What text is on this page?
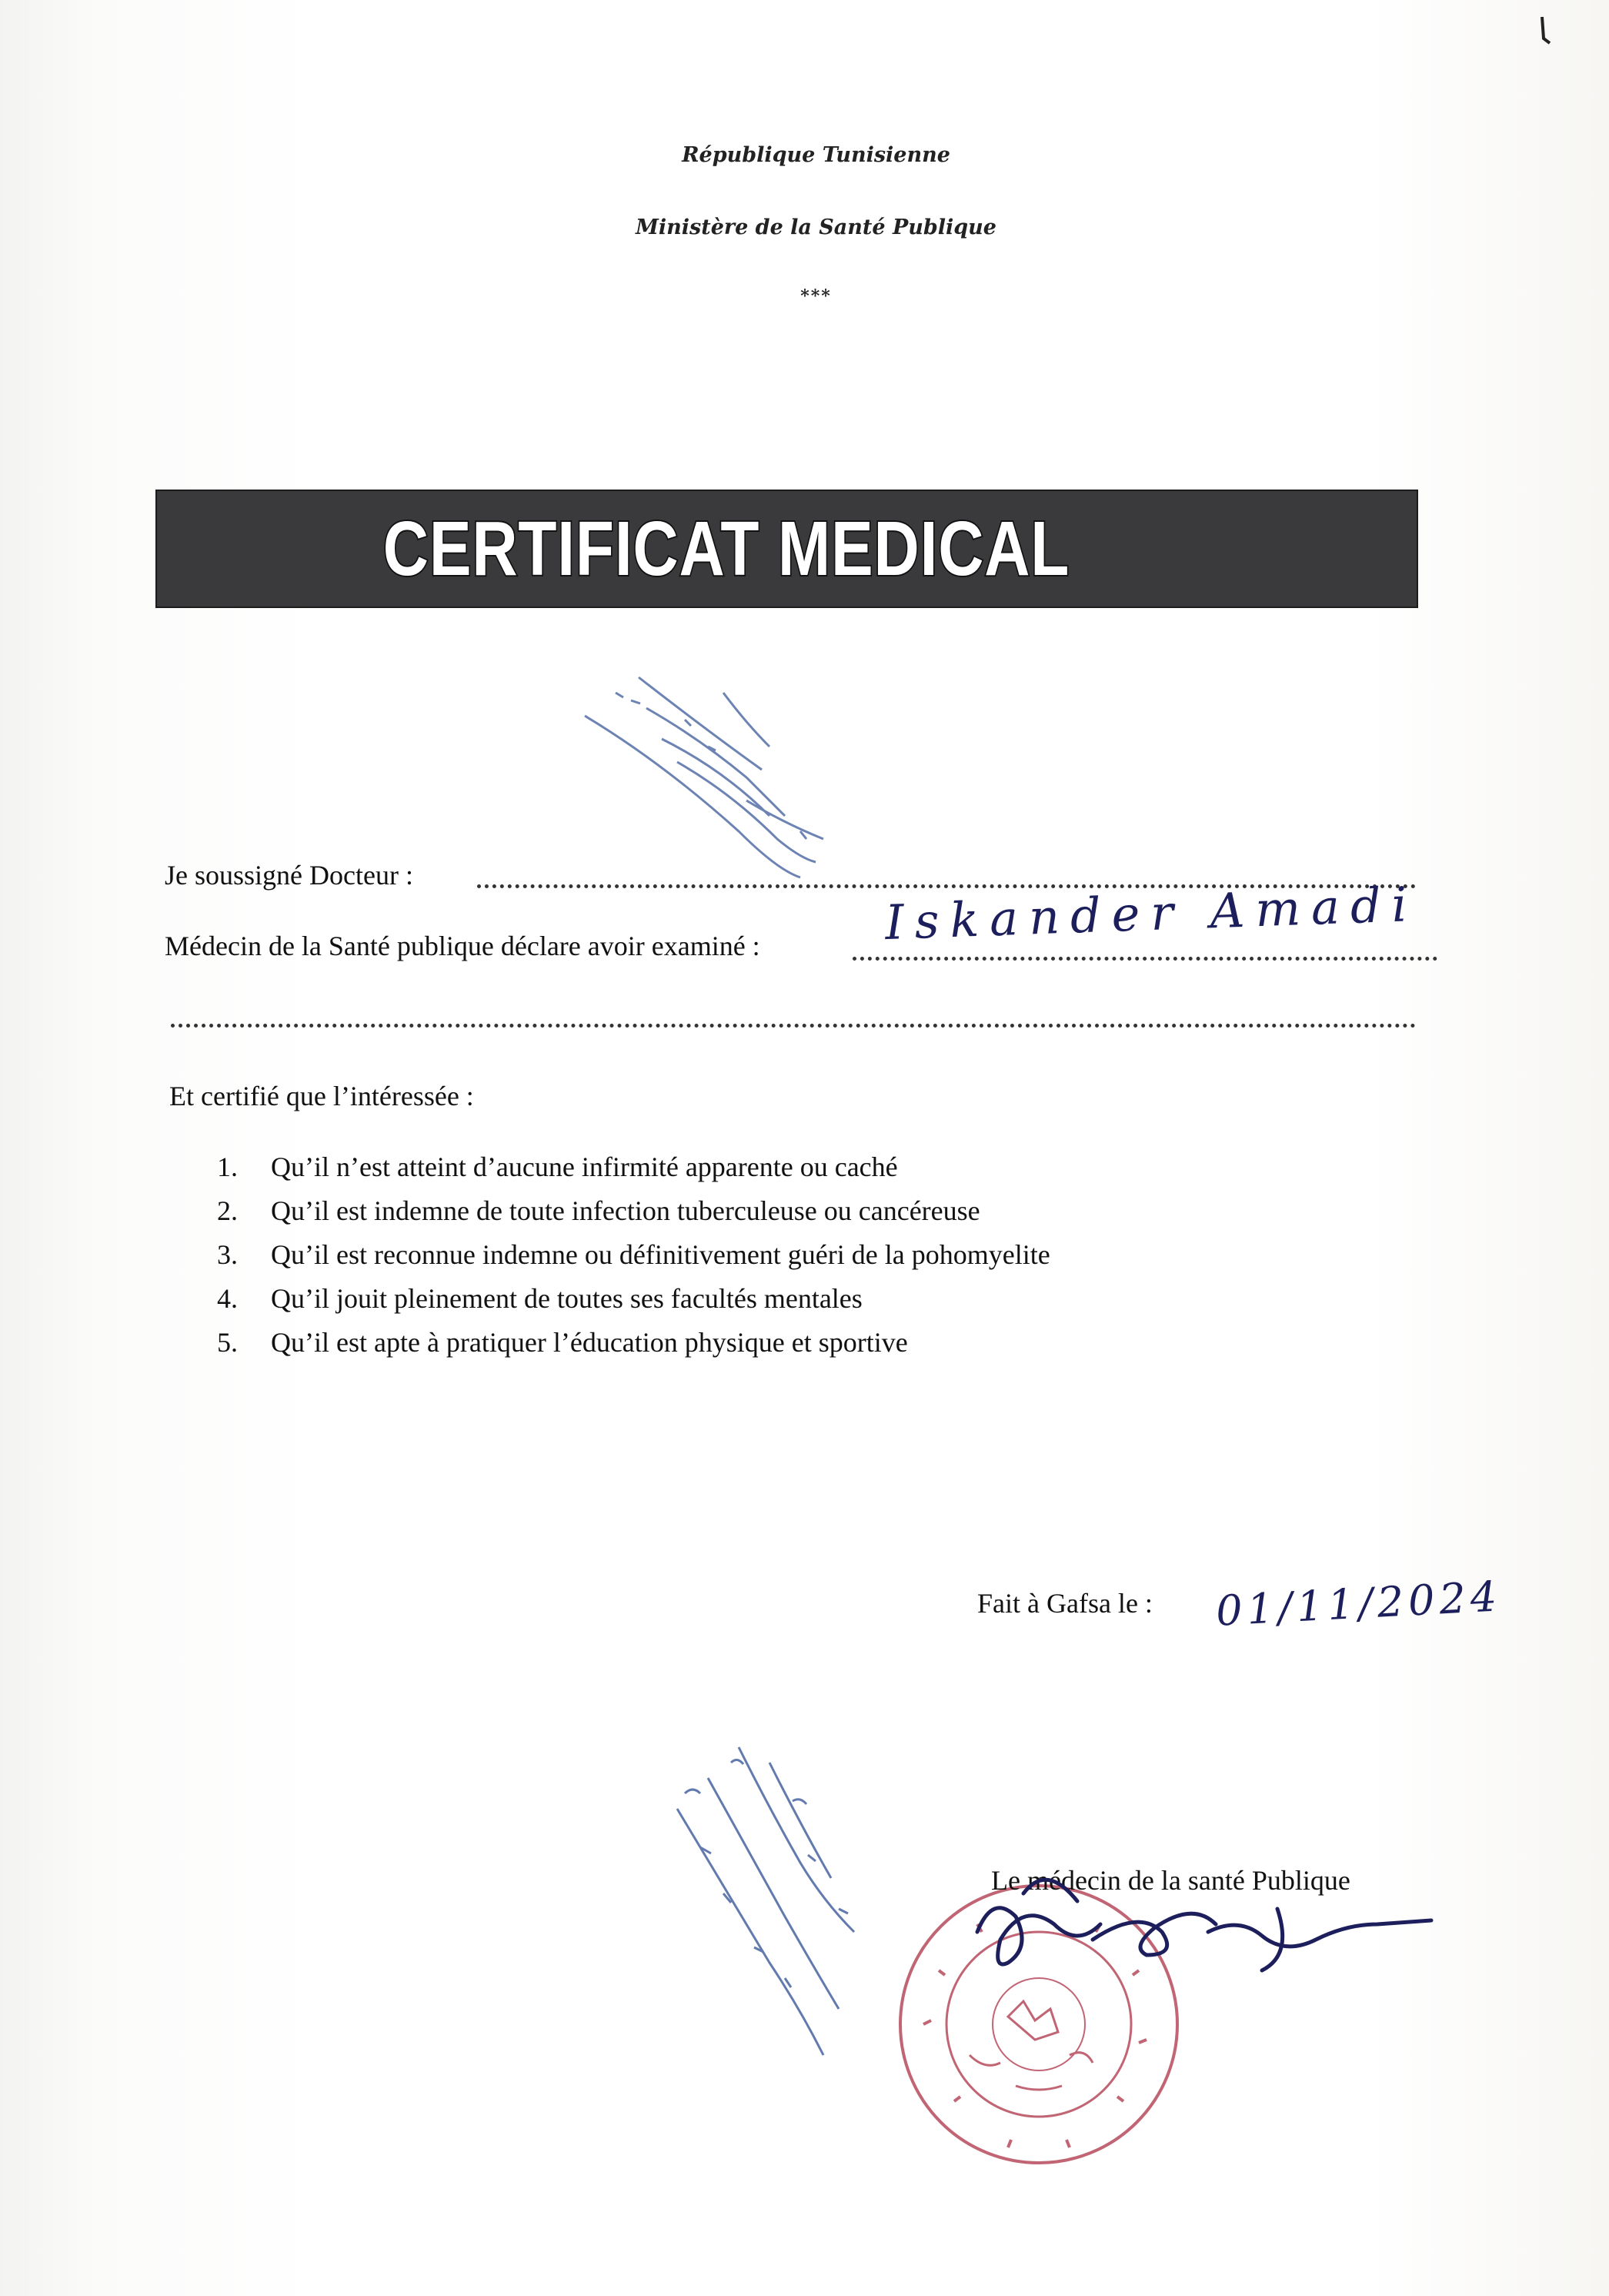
République Tunisienne
Ministère de la Santé Publique
***
CERTIFICAT MEDICAL
Je soussigné Docteur :
Médecin de la Santé publique déclare avoir examiné :	Iskander Amadi
Et certifié que l’intéressée :
1. Qu’il n’est atteint d’aucune infirmité apparente ou caché
2. Qu’il est indemne de toute infection tuberculeuse ou cancéreuse
3. Qu’il est reconnue indemne ou définitivement guéri de la pohomyelite
4. Qu’il jouit pleinement de toutes ses facultés mentales
5. Qu’il est apte à pratiquer l’éducation physique et sportive
Fait à Gafsa le : 01/11/2024
Le médecin de la santé Publique
